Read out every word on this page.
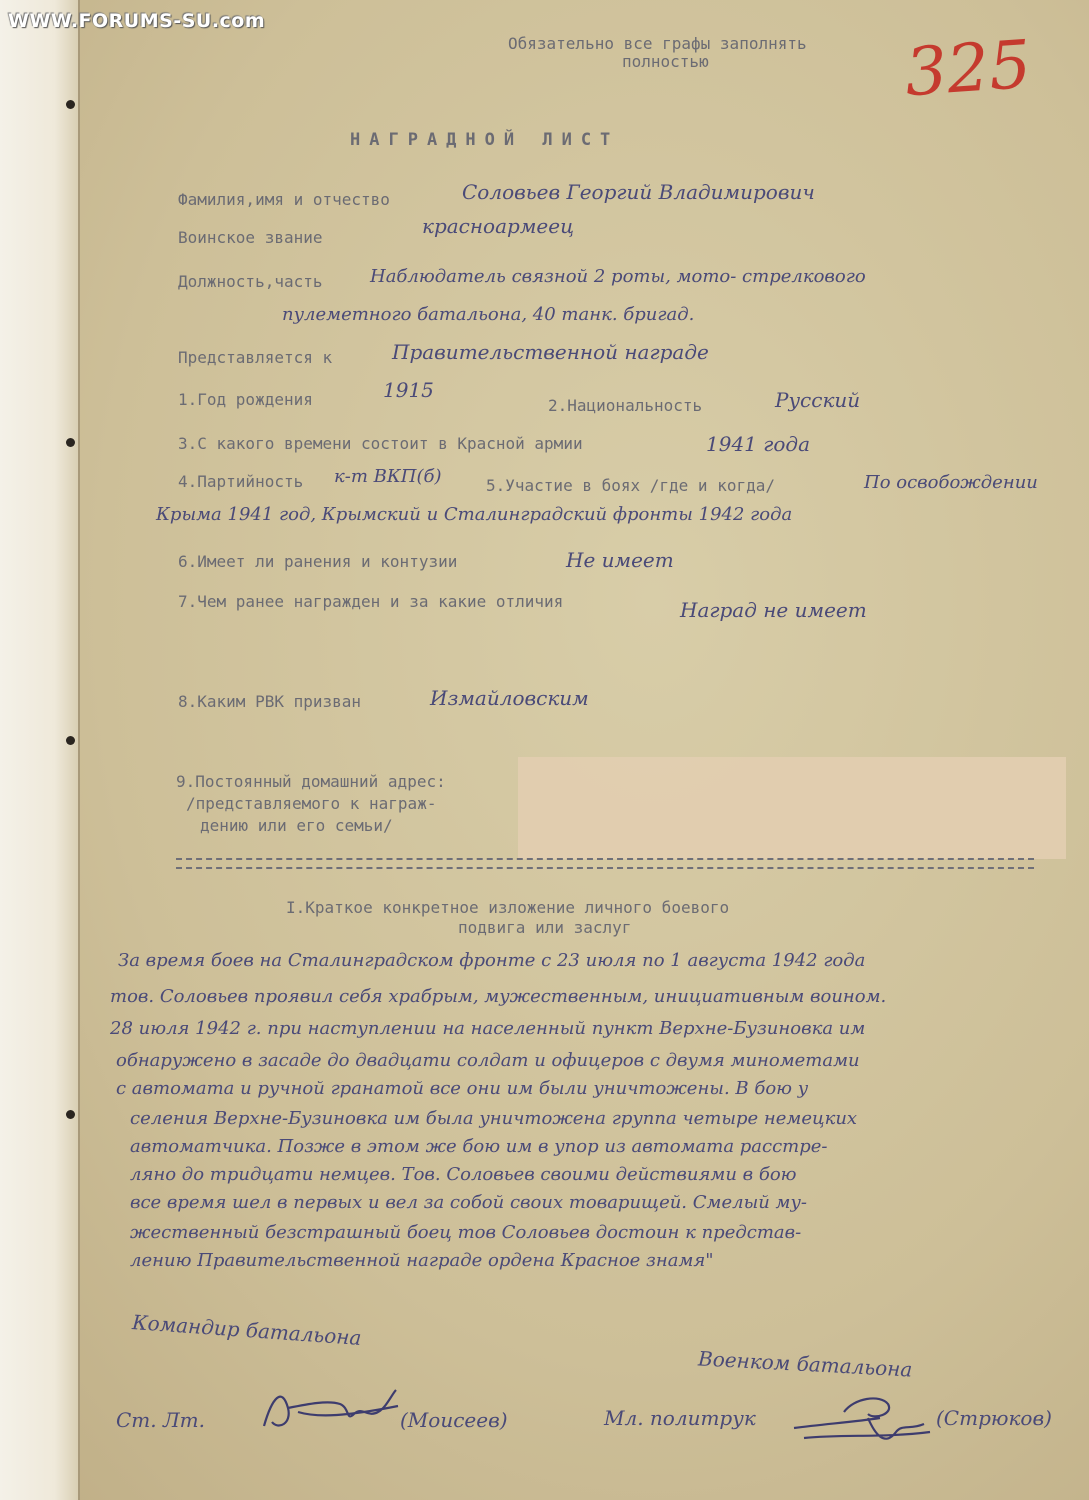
WWW.FORUMS-SU.com
Обязательно все графы заполнять
полностью	325
НАГРАДНОЙ ЛИСТ
Фамилия,имя и отчество	Соловьев Георгий Владимирович
Воинское звание	красноармеец
Должность,часть	Наблюдатель связной 2 роты, мото- стрелкового
пулеметного батальона, 40 танк. бригад.
Представляется к	Правительственной награде
1.Год рождения	1915
2.Национальность	Русский
3.С какого времени состоит в Красной армии	1941 года
4.Партийность к-т ВКП(б)	5.Участие в боях /где и когда/	По освобождении
Крыма 1941 год, Крымский и Сталинградский фронты 1942 года
6.Имеет ли ранения и контузии	Не имеет
7.Чем ранее награжден и за какие отличия	Наград не имеет
8.Каким РВК призван	Измайловским
9.Постоянный домашний адрес:
/представляемого к награж-
дению или его семьи/
I.Краткое конкретное изложение личного боевого
подвига или заслуг
За время боев на Сталинградском фронте с 23 июля по 1 августа 1942 года
тов. Соловьев проявил себя храбрым, мужественным, инициативным воином.
28 июля 1942 г. при наступлении на населенный пункт Верхне-Бузиновка им
обнаружено в засаде до двадцати солдат и офицеров с двумя минометами
с автомата и ручной гранатой все они им были уничтожены. В бою у
селения Верхне-Бузиновка им была уничтожена группа четыре немецких
автоматчика. Позже в этом же бою им в упор из автомата расстре-
ляно до тридцати немцев. Тов. Соловьев своими действиями в бою
все время шел в первых и вел за собой своих товарищей. Смелый му-
жественный безстрашный боец тов Соловьев достоин к представ-
лению Правительственной награде ордена Красное знамя"
Командир батальона
Военком батальона
Ст. Лт.	(Моисеев)	Мл. политрук	(Стрюков)
